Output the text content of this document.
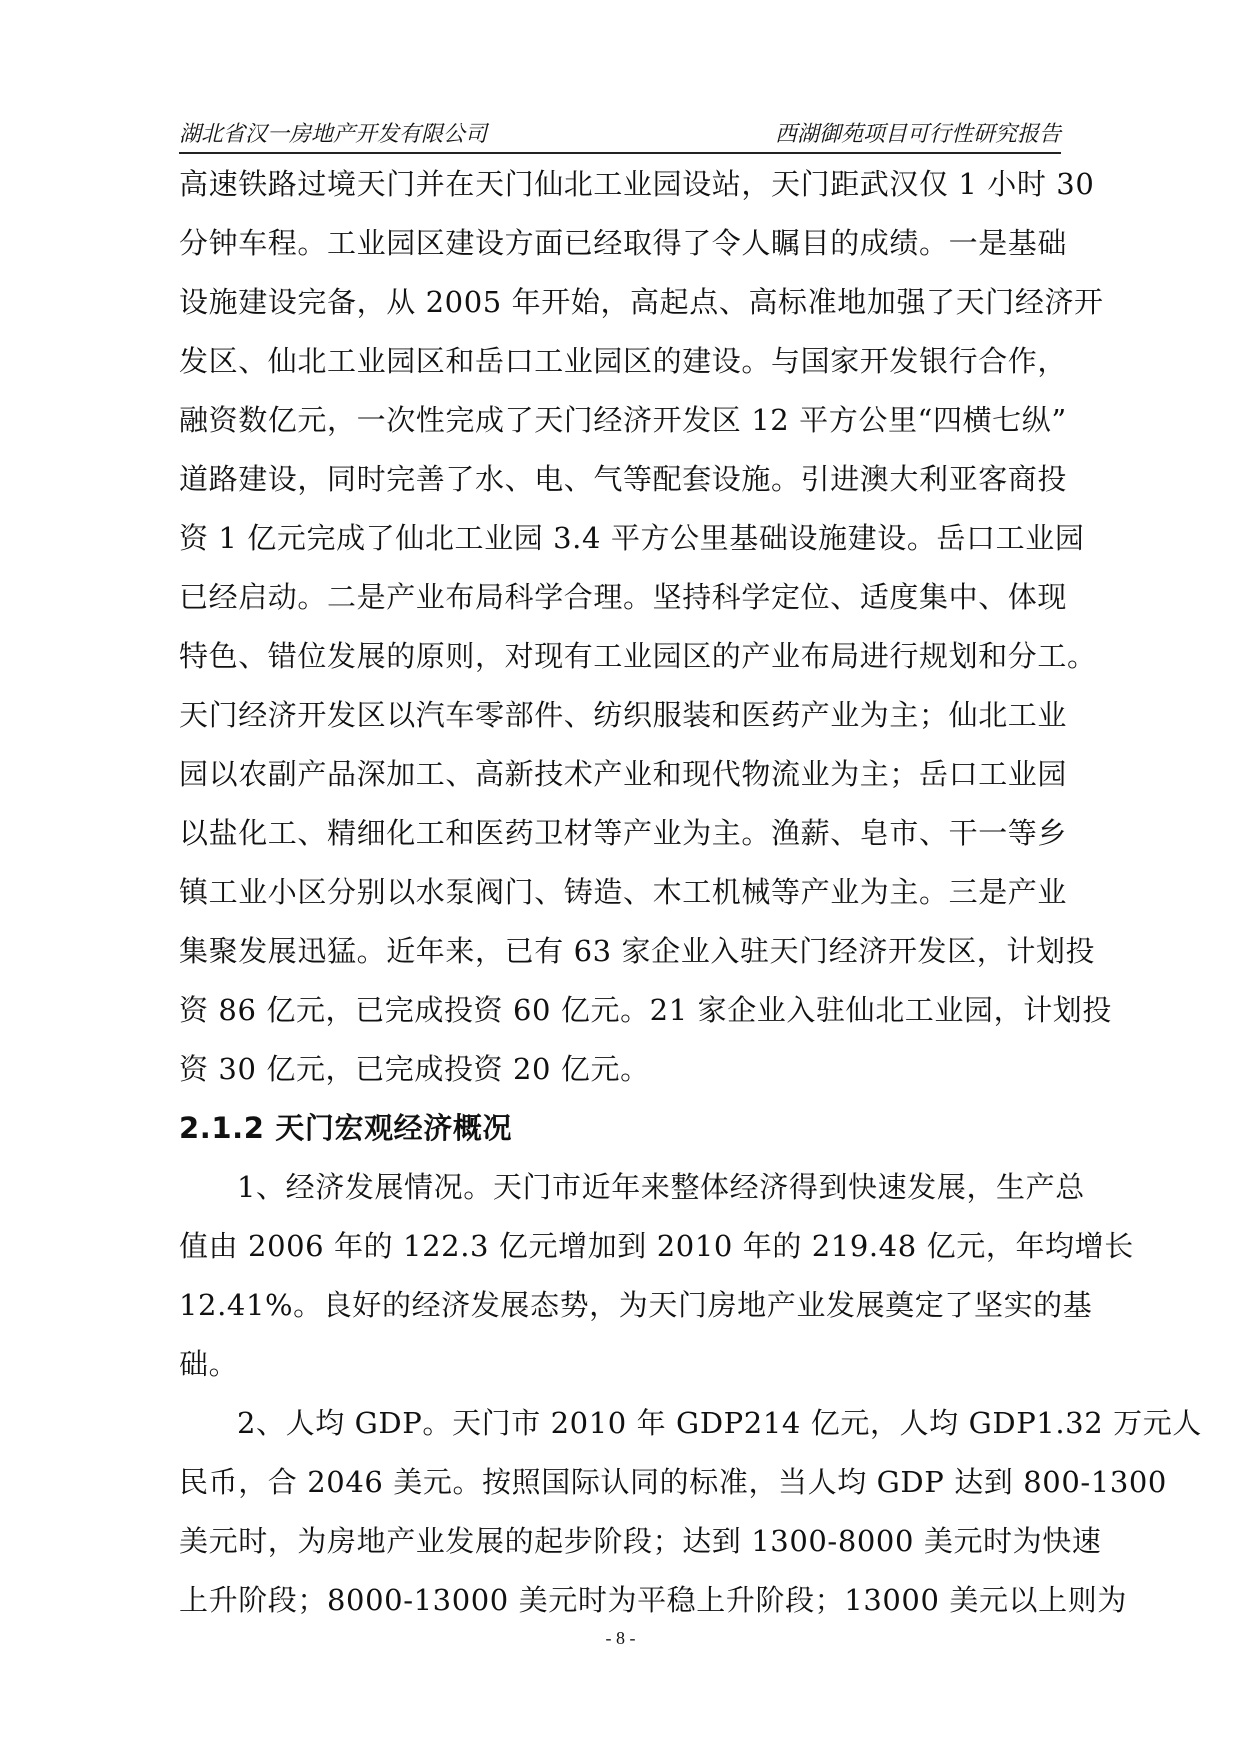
湖北省汉一房地产开发有限公司	西湖御苑项目可行性研究报告
高速铁路过境天门并在天门仙北工业园设站，天门距武汉仅 1 小时 30
分钟车程。工业园区建设方面已经取得了令人瞩目的成绩。一是基础
设施建设完备，从 2005 年开始，高起点、高标准地加强了天门经济开
发区、仙北工业园区和岳口工业园区的建设。与国家开发银行合作，
融资数亿元，一次性完成了天门经济开发区 12 平方公里“四横七纵”
道路建设，同时完善了水、电、气等配套设施。引进澳大利亚客商投
资 1 亿元完成了仙北工业园 3.4 平方公里基础设施建设。岳口工业园
已经启动。二是产业布局科学合理。坚持科学定位、适度集中、体现
特色、错位发展的原则，对现有工业园区的产业布局进行规划和分工。
天门经济开发区以汽车零部件、纺织服装和医药产业为主；仙北工业
园以农副产品深加工、高新技术产业和现代物流业为主；岳口工业园
以盐化工、精细化工和医药卫材等产业为主。渔薪、皂市、干一等乡
镇工业小区分别以水泵阀门、铸造、木工机械等产业为主。三是产业
集聚发展迅猛。近年来，已有 63 家企业入驻天门经济开发区，计划投
资 86 亿元，已完成投资 60 亿元。21 家企业入驻仙北工业园，计划投
资 30 亿元，已完成投资 20 亿元。
2.1.2 天门宏观经济概况
1、经济发展情况。天门市近年来整体经济得到快速发展，生产总
值由 2006 年的 122.3 亿元增加到 2010 年的 219.48 亿元，年均增长
12.41%。良好的经济发展态势，为天门房地产业发展奠定了坚实的基
础。
2、人均 GDP。天门市 2010 年 GDP214 亿元，人均 GDP1.32 万元人
民币，合 2046 美元。按照国际认同的标准，当人均 GDP 达到 800-1300
美元时，为房地产业发展的起步阶段；达到 1300-8000 美元时为快速
上升阶段；8000-13000 美元时为平稳上升阶段；13000 美元以上则为
- 8 -
